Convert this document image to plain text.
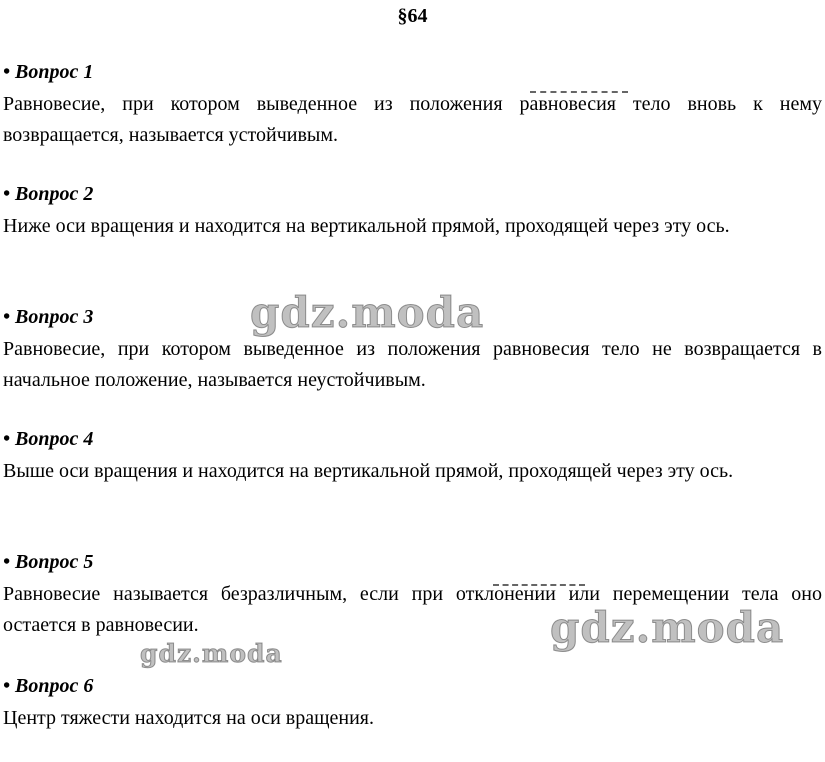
§64
• Вопрос 1
Равновесие, при котором выведенное из положения равновесия тело вновь к нему возвращается, называется устойчивым.
• Вопрос 2
Ниже оси вращения и находится на вертикальной прямой, проходящей через эту ось.
• Вопрос 3
Равновесие, при котором выведенное из положения равновесия тело не возвращается в начальное положение, называется неустойчивым.
• Вопрос 4
Выше оси вращения и находится на вертикальной прямой, проходящей через эту ось.
• Вопрос 5
Равновесие называется безразличным, если при отклонении или перемещении тела оно остается в равновесии.
• Вопрос 6
Центр тяжести находится на оси вращения.
gdz.moda
gdz.moda
gdz.moda
